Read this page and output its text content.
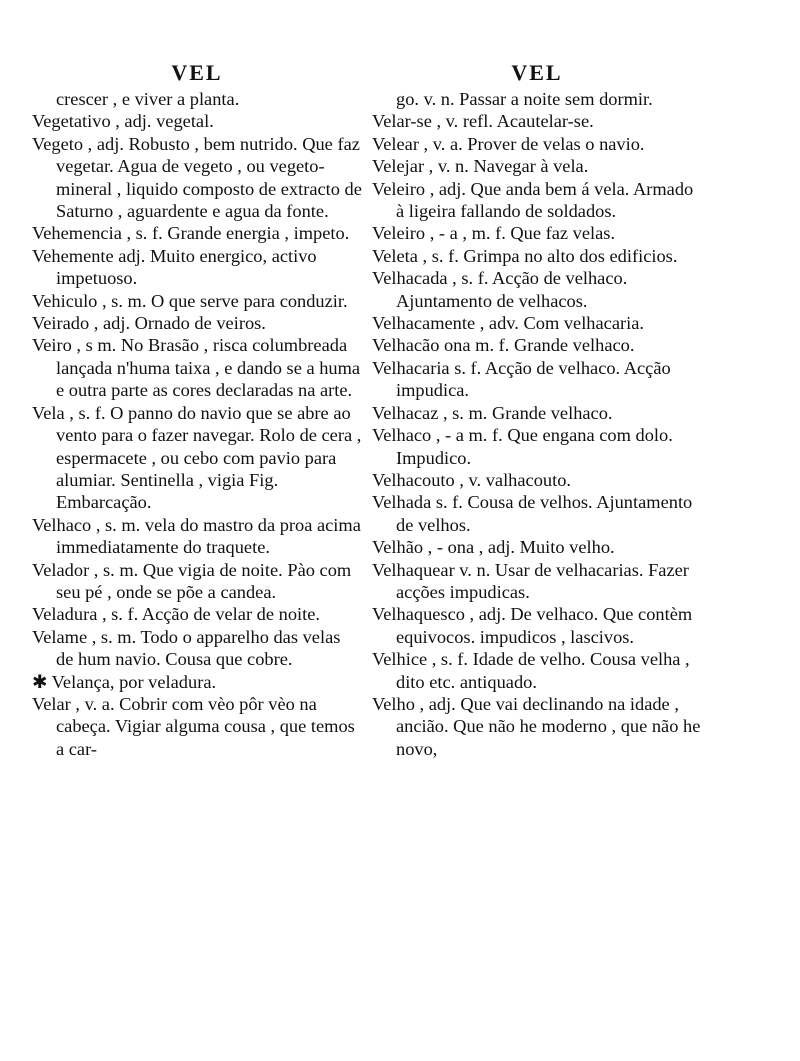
VEL
crescer , e viver a planta.
Vegetativo , adj. vegetal.
Vegeto , adj. Robusto , bem nutrido. Que faz vegetar. Agua de vegeto , ou vegeto-mineral , liquido composto de extracto de Saturno , aguardente e agua da fonte.
Vehemencia , s. f. Grande energia , impeto.
Vehemente adj. Muito energico, activo impetuoso.
Vehiculo , s. m. O que serve para conduzir.
Veirado , adj. Ornado de veiros.
Veiro , s m. No Brasão , risca columbreada lançada n'huma taixa , e dando se a huma e outra parte as cores declaradas na arte.
Vela , s. f. O panno do navio que se abre ao vento para o fazer navegar. Rolo de cera , espermacete , ou cebo com pavio para alumiar. Sentinella , vigia Fig. Embarcação.
Velhaco , s. m. vela do mastro da proa acima immediatamente do traquete.
Velador , s. m. Que vigia de noite. Pào com seu pé , onde se põe a candea.
Veladura , s. f. Acção de velar de noite.
Velame , s. m. Todo o apparelho das velas de hum navio. Cousa que cobre.
✱ Velança, por veladura.
Velar , v. a. Cobrir com vèo pôr vèo na cabeça. Vigiar alguma cousa , que temos a car-
VEL
go. v. n. Passar a noite sem dormir.
Velar-se , v. refl. Acautelar-se.
Velear , v. a. Prover de velas o navio.
Velejar , v. n. Navegar à vela.
Veleiro , adj. Que anda bem á vela. Armado à ligeira fallando de soldados.
Veleiro , - a , m. f. Que faz velas.
Veleta , s. f. Grimpa no alto dos edificios.
Velhacada , s. f. Acção de velhaco. Ajuntamento de velhacos.
Velhacamente , adv. Com velhacaria.
Velhacão ona m. f. Grande velhaco.
Velhacaria s. f. Acção de velhaco. Acção impudica.
Velhacaz , s. m. Grande velhaco.
Velhaco , - a m. f. Que engana com dolo. Impudico.
Velhacouto , v. valhacouto.
Velhada s. f. Cousa de velhos. Ajuntamento de velhos.
Velhão , - ona , adj. Muito velho.
Velhaquear v. n. Usar de velhacarias. Fazer acções impudicas.
Velhaquesco , adj. De velhaco. Que contèm equivocos. impudicos , lascivos.
Velhice , s. f. Idade de velho. Cousa velha , dito etc. antiquado.
Velho , adj. Que vai declinando na idade , ancião. Que não he moderno , que não he novo,
